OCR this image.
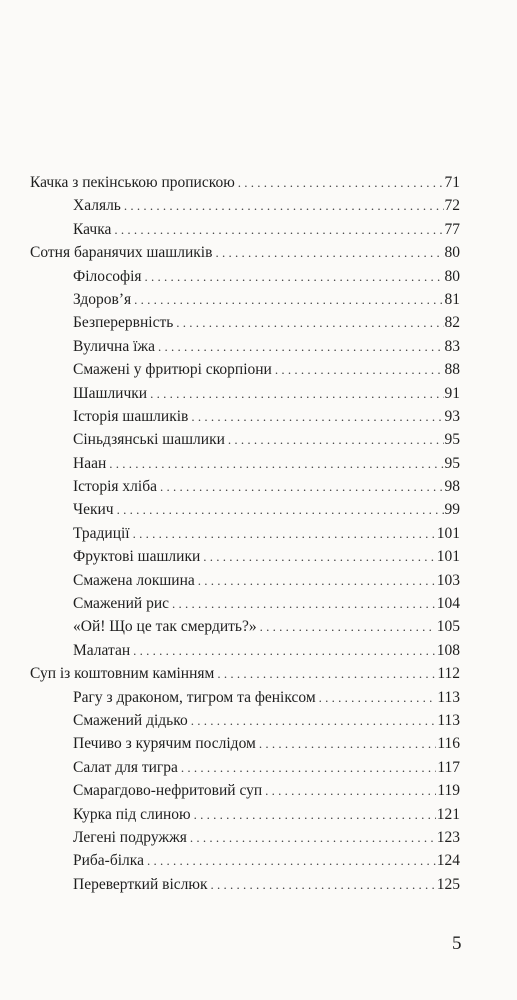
Качка з пекінською пропискою . . .	71
Халяль . . .	72
Качка . . .	77
Сотня баранячих шашликів . . .	80
Філософія . . .	80
Здоров’я . . .	81
Безперервність . . .	82
Вулична їжа . . .	83
Смажені у фритюрі скорпіони . . .	88
Шашлички . . .	91
Історія шашликів . . .	93
Сіньдзянські шашлики . . .	95
Наан . . .	95
Історія хліба . . .	98
Чекич . . .	99
Традиції . . .	101
Фруктові шашлики . . .	101
Смажена локшина . . .	103
Смажений рис . . .	104
«Ой! Що це так смердить?» . . .	105
Малатан . . .	108
Суп із коштовним камінням . . .	112
Рагу з драконом, тигром та феніксом . . .	113
Смажений дідько . . .	113
Печиво з курячим послідом . . .	116
Салат для тигра . . .	117
Смарагдово-нефритовий суп . . .	119
Курка під слиною . . .	121
Легені подружжя . . .	123
Риба-білка . . .	124
Переверткий віслюк . . .	125
5
